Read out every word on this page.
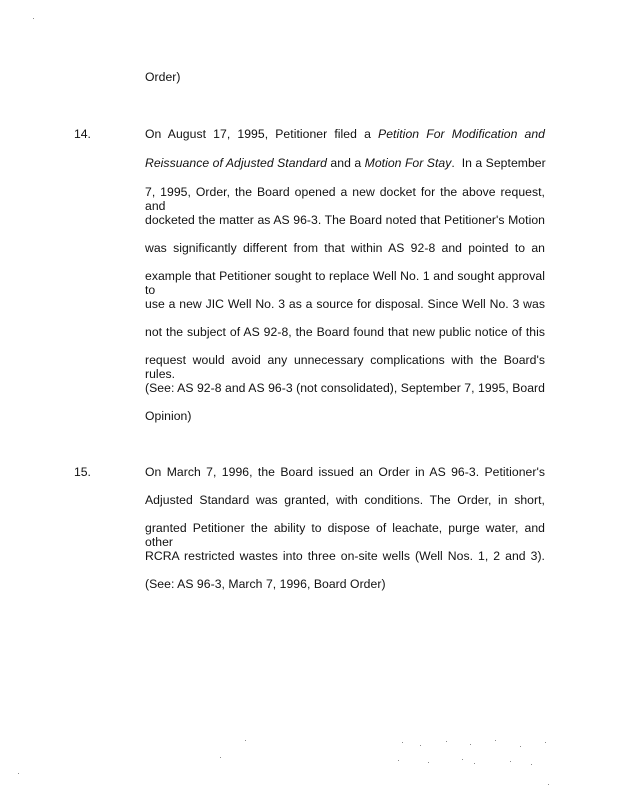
Order)
14.	On August 17, 1995, Petitioner filed a Petition For Modification and
Reissuance of Adjusted Standard and a Motion For Stay.  In a September
7, 1995, Order, the Board opened a new docket for the above request, and
docketed the matter as AS 96-3. The Board noted that Petitioner's Motion
was significantly different from that within AS 92-8 and pointed to an
example that Petitioner sought to replace Well No. 1 and sought approval to
use a new JIC Well No. 3 as a source for disposal. Since Well No. 3 was
not the subject of AS 92-8, the Board found that new public notice of this
request would avoid any unnecessary complications with the Board's rules.
(See: AS 92-8 and AS 96-3 (not consolidated), September 7, 1995, Board
Opinion)
15.	On March 7, 1996, the Board issued an Order in AS 96-3. Petitioner's
Adjusted Standard was granted, with conditions. The Order, in short,
granted Petitioner the ability to dispose of leachate, purge water, and other
RCRA restricted wastes into three on-site wells (Well Nos. 1, 2 and 3).
(See: AS 96-3, March 7, 1996, Board Order)
